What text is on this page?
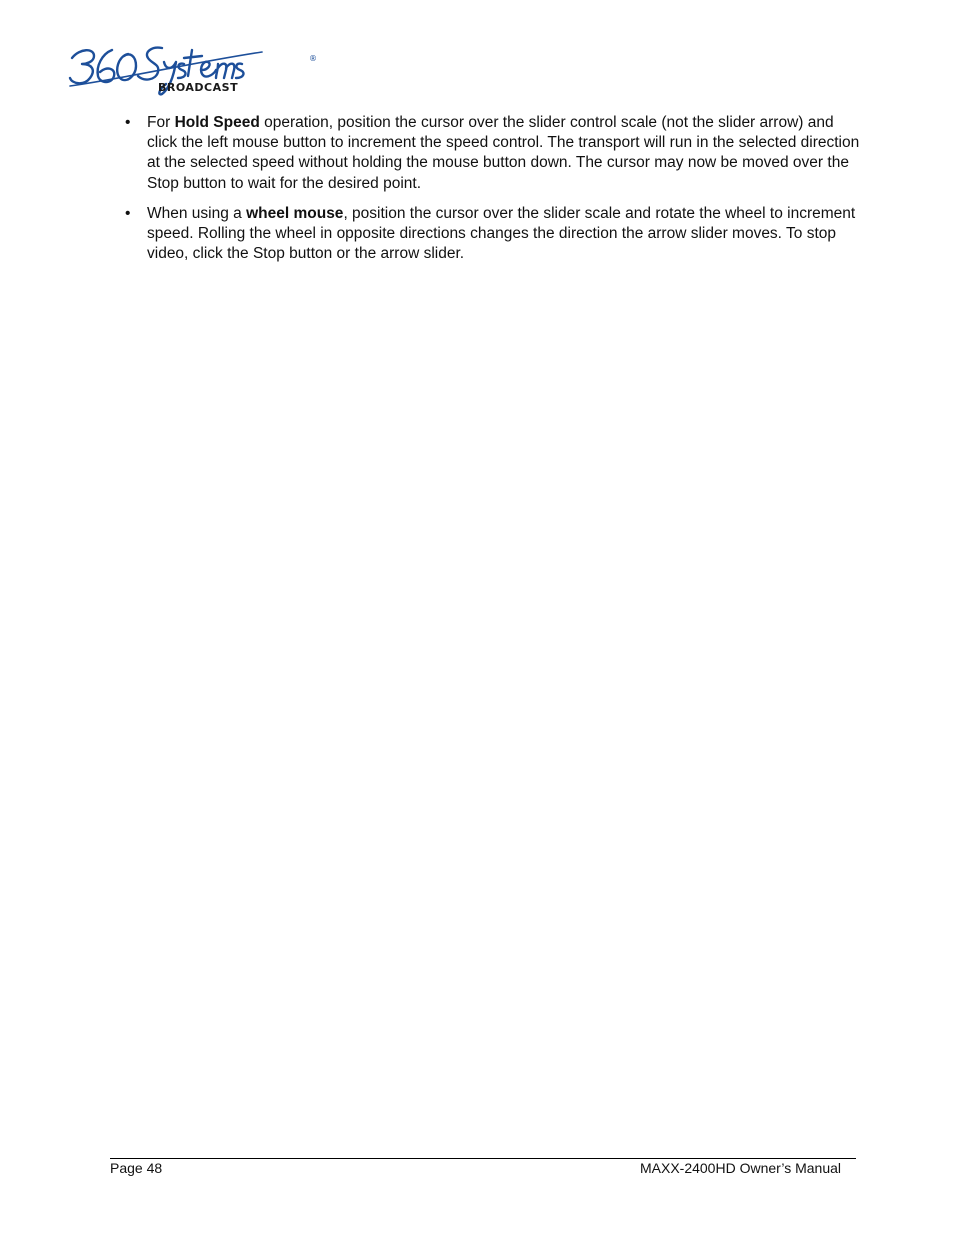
®
BROADCAST
•	For Hold Speed operation, position the cursor over the slider control scale (not the slider arrow) and click the left mouse button to increment the speed control. The transport will run in the selected direction at the selected speed without holding the mouse button down. The cursor may now be moved over the Stop button to wait for the desired point.
•	When using a wheel mouse, position the cursor over the slider scale and rotate the wheel to increment speed. Rolling the wheel in opposite directions changes the direction the arrow slider moves. To stop video, click the Stop button or the arrow slider.
Page 48	MAXX-2400HD Owner’s Manual
